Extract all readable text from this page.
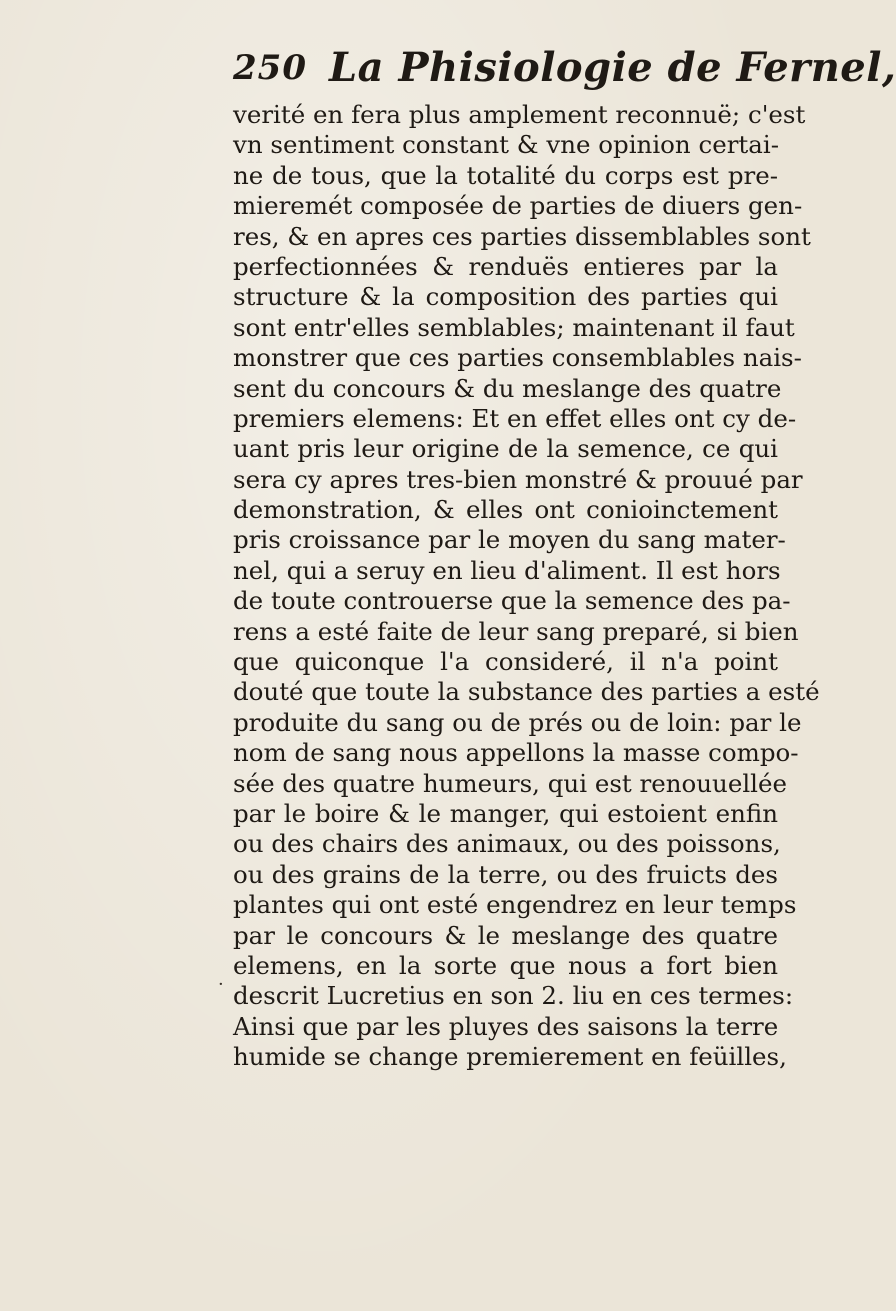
250 La Phisiologie de Fernel,
verité en fera plus amplement reconnuë; c'est
vn sentiment constant & vne opinion certai-
ne de tous, que la totalité du corps est pre-
mieremét composée de parties de diuers gen-
res, & en apres ces parties dissemblables sont
perfectionnées & renduës entieres par la
structure & la composition des parties qui
sont entr'elles semblables; maintenant il faut
monstrer que ces parties consemblables nais-
sent du concours & du meslange des quatre
premiers elemens: Et en effet elles ont cy de-
uant pris leur origine de la semence, ce qui
sera cy apres tres-bien monstré & prouué par
demonstration, & elles ont conioinctement
pris croissance par le moyen du sang mater-
nel, qui a seruy en lieu d'aliment. Il est hors
de toute controuerse que la semence des pa-
rens a esté faite de leur sang preparé, si bien
que quiconque l'a consideré, il n'a point
douté que toute la substance des parties a esté
produite du sang ou de prés ou de loin: par le
nom de sang nous appellons la masse compo-
sée des quatre humeurs, qui est renouuellée
par le boire & le manger, qui estoient enfin
ou des chairs des animaux, ou des poissons,
ou des grains de la terre, ou des fruicts des
plantes qui ont esté engendrez en leur temps
par le concours & le meslange des quatre
elemens, en la sorte que nous a fort bien
descrit Lucretius en son 2. liu en ces termes:
Ainsi que par les pluyes des saisons la terre
humide se change premierement en feüilles,
·
